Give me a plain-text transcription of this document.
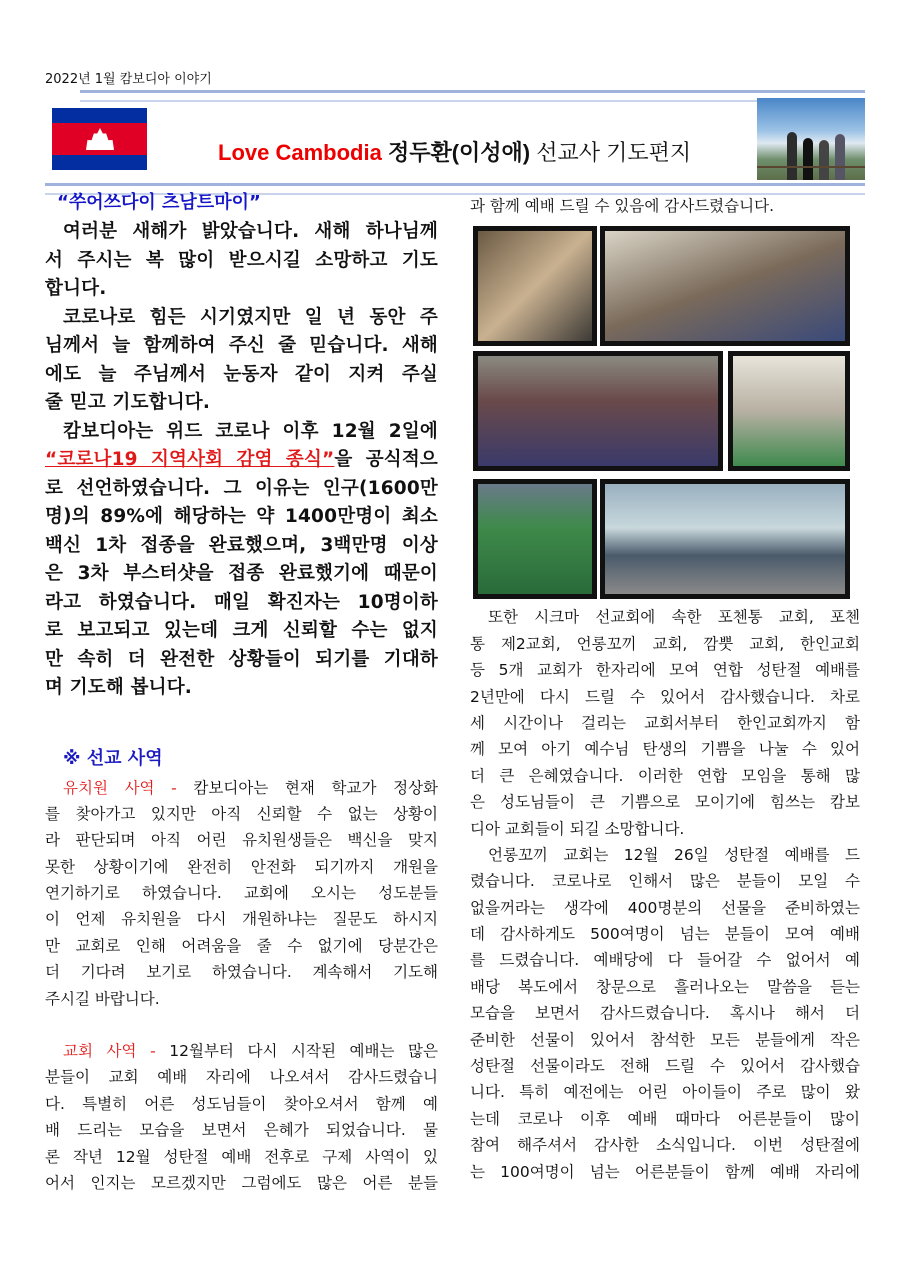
2022년 1월 캄보디아 이야기
Love Cambodia 정두환(이성애) 선교사 기도편지
“쑤어쓰다이 츠남트마이”
여러분 새해가 밝았습니다. 새해 하나님께
서 주시는 복 많이 받으시길 소망하고 기도
합니다.
코로나로 힘든 시기였지만 일 년 동안 주
님께서 늘 함께하여 주신 줄 믿습니다. 새해
에도 늘 주님께서 눈동자 같이 지켜 주실
줄 믿고 기도합니다.
캄보디아는 위드 코로나 이후 12월 2일에
“코로나19 지역사회 감염 종식”을 공식적으
로 선언하였습니다. 그 이유는 인구(1600만
명)의 89%에 해당하는 약 1400만명이 최소
백신 1차 접종을 완료했으며, 3백만명 이상
은 3차 부스터샷을 접종 완료했기에 때문이
라고 하였습니다. 매일 확진자는 10명이하
로 보고되고 있는데 크게 신뢰할 수는 없지
만 속히 더 완전한 상황들이 되기를 기대하
며 기도해 봅니다.
※ 선교 사역
유치원 사역 - 캄보디아는 현재 학교가 정상화
를 찾아가고 있지만 아직 신뢰할 수 없는 상황이
라 판단되며 아직 어린 유치원생들은 백신을 맞지
못한 상황이기에 완전히 안전화 되기까지 개원을
연기하기로 하였습니다. 교회에 오시는 성도분들
이 언제 유치원을 다시 개원하냐는 질문도 하시지
만 교회로 인해 어려움을 줄 수 없기에 당분간은
더 기다려 보기로 하였습니다. 계속해서 기도해
주시길 바랍니다.
교회 사역 - 12월부터 다시 시작된 예배는 많은
분들이 교회 예배 자리에 나오셔서 감사드렸습니
다. 특별히 어른 성도님들이 찾아오셔서 함께 예
배 드리는 모습을 보면서 은혜가 되었습니다. 물
론 작년 12월 성탄절 예배 전후로 구제 사역이 있
어서 인지는 모르겠지만 그럼에도 많은 어른 분들
과 함께 예배 드릴 수 있음에 감사드렸습니다.
또한 시크마 선교회에 속한 포첸통 교회, 포첸
통 제2교회, 언롱꼬끼 교회, 깜뿟 교회, 한인교회
등 5개 교회가 한자리에 모여 연합 성탄절 예배를
2년만에 다시 드릴 수 있어서 감사했습니다. 차로
세 시간이나 걸리는 교회서부터 한인교회까지 함
께 모여 아기 예수님 탄생의 기쁨을 나눌 수 있어
더 큰 은혜였습니다. 이러한 연합 모임을 통해 많
은 성도님들이 큰 기쁨으로 모이기에 힘쓰는 캄보
디아 교회들이 되길 소망합니다.
언롱꼬끼 교회는 12월 26일 성탄절 예배를 드
렸습니다. 코로나로 인해서 많은 분들이 모일 수
없을꺼라는 생각에 400명분의 선물을 준비하였는
데 감사하게도 500여명이 넘는 분들이 모여 예배
를 드렸습니다. 예배당에 다 들어갈 수 없어서 예
배당 복도에서 창문으로 흘러나오는 말씀을 듣는
모습을 보면서 감사드렸습니다. 혹시나 해서 더
준비한 선물이 있어서 참석한 모든 분들에게 작은
성탄절 선물이라도 전해 드릴 수 있어서 감사했습
니다. 특히 예전에는 어린 아이들이 주로 많이 왔
는데 코로나 이후 예배 때마다 어른분들이 많이
참여 해주셔서 감사한 소식입니다. 이번 성탄절에
는 100여명이 넘는 어른분들이 함께 예배 자리에
